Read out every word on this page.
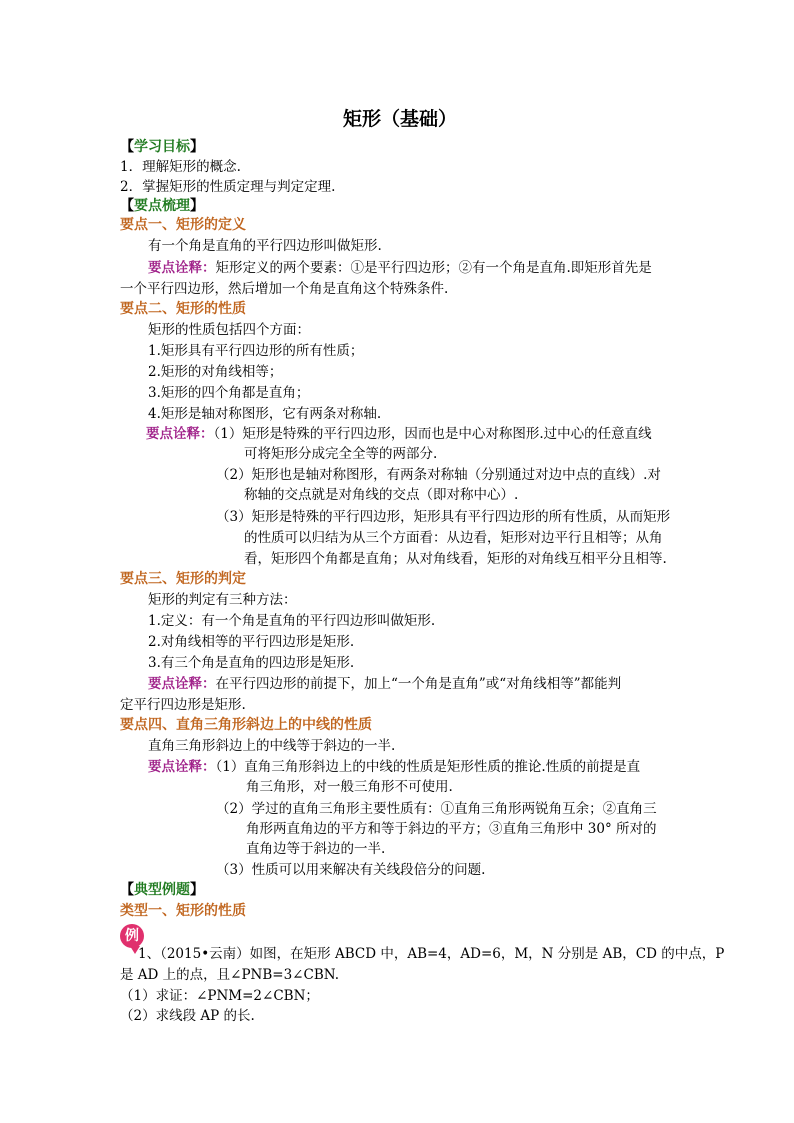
矩形（基础）
【学习目标】
1．理解矩形的概念.
2．掌握矩形的性质定理与判定定理.
【要点梳理】
要点一、矩形的定义
有一个角是直角的平行四边形叫做矩形.
要点诠释：矩形定义的两个要素：①是平行四边形；②有一个角是直角.即矩形首先是
一个平行四边形，然后增加一个角是直角这个特殊条件.
要点二、矩形的性质
矩形的性质包括四个方面：
1.矩形具有平行四边形的所有性质；
2.矩形的对角线相等；
3.矩形的四个角都是直角；
4.矩形是轴对称图形，它有两条对称轴.
要点诠释：（1）矩形是特殊的平行四边形，因而也是中心对称图形.过中心的任意直线
可将矩形分成完全全等的两部分.
（2）矩形也是轴对称图形，有两条对称轴（分别通过对边中点的直线）.对
称轴的交点就是对角线的交点（即对称中心）.
（3）矩形是特殊的平行四边形，矩形具有平行四边形的所有性质，从而矩形
的性质可以归结为从三个方面看：从边看，矩形对边平行且相等；从角
看，矩形四个角都是直角；从对角线看，矩形的对角线互相平分且相等.
要点三、矩形的判定
矩形的判定有三种方法：
1.定义：有一个角是直角的平行四边形叫做矩形.
2.对角线相等的平行四边形是矩形.
3.有三个角是直角的四边形是矩形.
要点诠释：在平行四边形的前提下，加上“一个角是直角”或“对角线相等”都能判
定平行四边形是矩形.
要点四、直角三角形斜边上的中线的性质
直角三角形斜边上的中线等于斜边的一半.
要点诠释：（1）直角三角形斜边上的中线的性质是矩形性质的推论.性质的前提是直
角三角形，对一般三角形不可使用.
（2）学过的直角三角形主要性质有：①直角三角形两锐角互余；②直角三
角形两直角边的平方和等于斜边的平方；③直角三角形中 30° 所对的
直角边等于斜边的一半.
（3）性质可以用来解决有关线段倍分的问题.
【典型例题】
类型一、矩形的性质
例
1、（2015•云南）如图，在矩形 ABCD 中，AB=4，AD=6，M，N 分别是 AB，CD 的中点，P
是 AD 上的点，且∠PNB=3∠CBN.
（1）求证：∠PNM=2∠CBN；
（2）求线段 AP 的长.
